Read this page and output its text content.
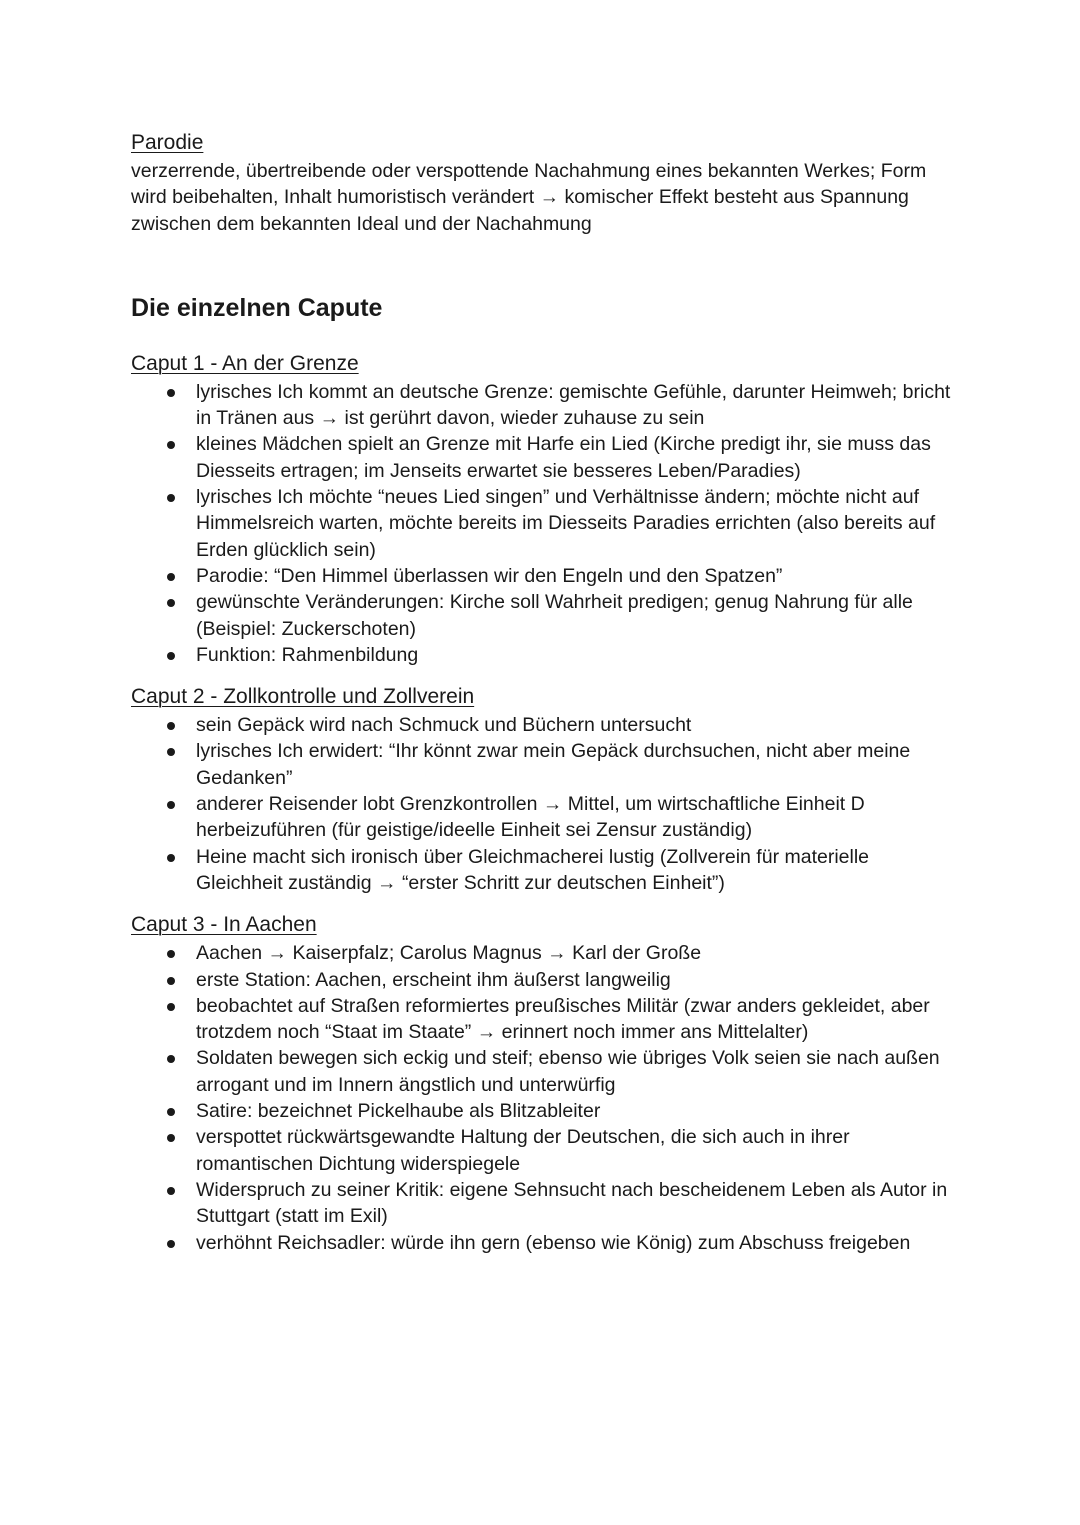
Parodie

verzerrende, übertreibende oder verspottende Nachahmung eines bekannten Werkes; Form wird beibehalten, Inhalt humoristisch verändert → komischer Effekt besteht aus Spannung zwischen dem bekannten Ideal und der Nachahmung

Die einzelnen Capute
Caput 1 - An der Grenze
lyrisches Ich kommt an deutsche Grenze: gemischte Gefühle, darunter Heimweh; bricht in Tränen aus → ist gerührt davon, wieder zuhause zu sein
kleines Mädchen spielt an Grenze mit Harfe ein Lied (Kirche predigt ihr, sie muss das Diesseits ertragen; im Jenseits erwartet sie besseres Leben/Paradies)
lyrisches Ich möchte “neues Lied singen” und Verhältnisse ändern; möchte nicht auf Himmelsreich warten, möchte bereits im Diesseits Paradies errichten (also bereits auf Erden glücklich sein)
Parodie: “Den Himmel überlassen wir den Engeln und den Spatzen”
gewünschte Veränderungen: Kirche soll Wahrheit predigen; genug Nahrung für alle (Beispiel: Zuckerschoten)
Funktion: Rahmenbildung
Caput 2 - Zollkontrolle und Zollverein
sein Gepäck wird nach Schmuck und Büchern untersucht
lyrisches Ich erwidert: “Ihr könnt zwar mein Gepäck durchsuchen, nicht aber meine Gedanken”
anderer Reisender lobt Grenzkontrollen → Mittel, um wirtschaftliche Einheit D herbeizuführen (für geistige/ideelle Einheit sei Zensur zuständig)
Heine macht sich ironisch über Gleichmacherei lustig (Zollverein für materielle Gleichheit zuständig → “erster Schritt zur deutschen Einheit”)
Caput 3 - In Aachen
Aachen → Kaiserpfalz; Carolus Magnus → Karl der Große
erste Station: Aachen, erscheint ihm äußerst langweilig
beobachtet auf Straßen reformiertes preußisches Militär (zwar anders gekleidet, aber trotzdem noch “Staat im Staate” → erinnert noch immer ans Mittelalter)
Soldaten bewegen sich eckig und steif; ebenso wie übriges Volk seien sie nach außen arrogant und im Innern ängstlich und unterwürfig
Satire: bezeichnet Pickelhaube als Blitzableiter
verspottet rückwärtsgewandte Haltung der Deutschen, die sich auch in ihrer romantischen Dichtung widerspiegele
Widerspruch zu seiner Kritik: eigene Sehnsucht nach bescheidenem Leben als Autor in Stuttgart (statt im Exil)
verhöhnt Reichsadler: würde ihn gern (ebenso wie König) zum Abschuss freigeben
